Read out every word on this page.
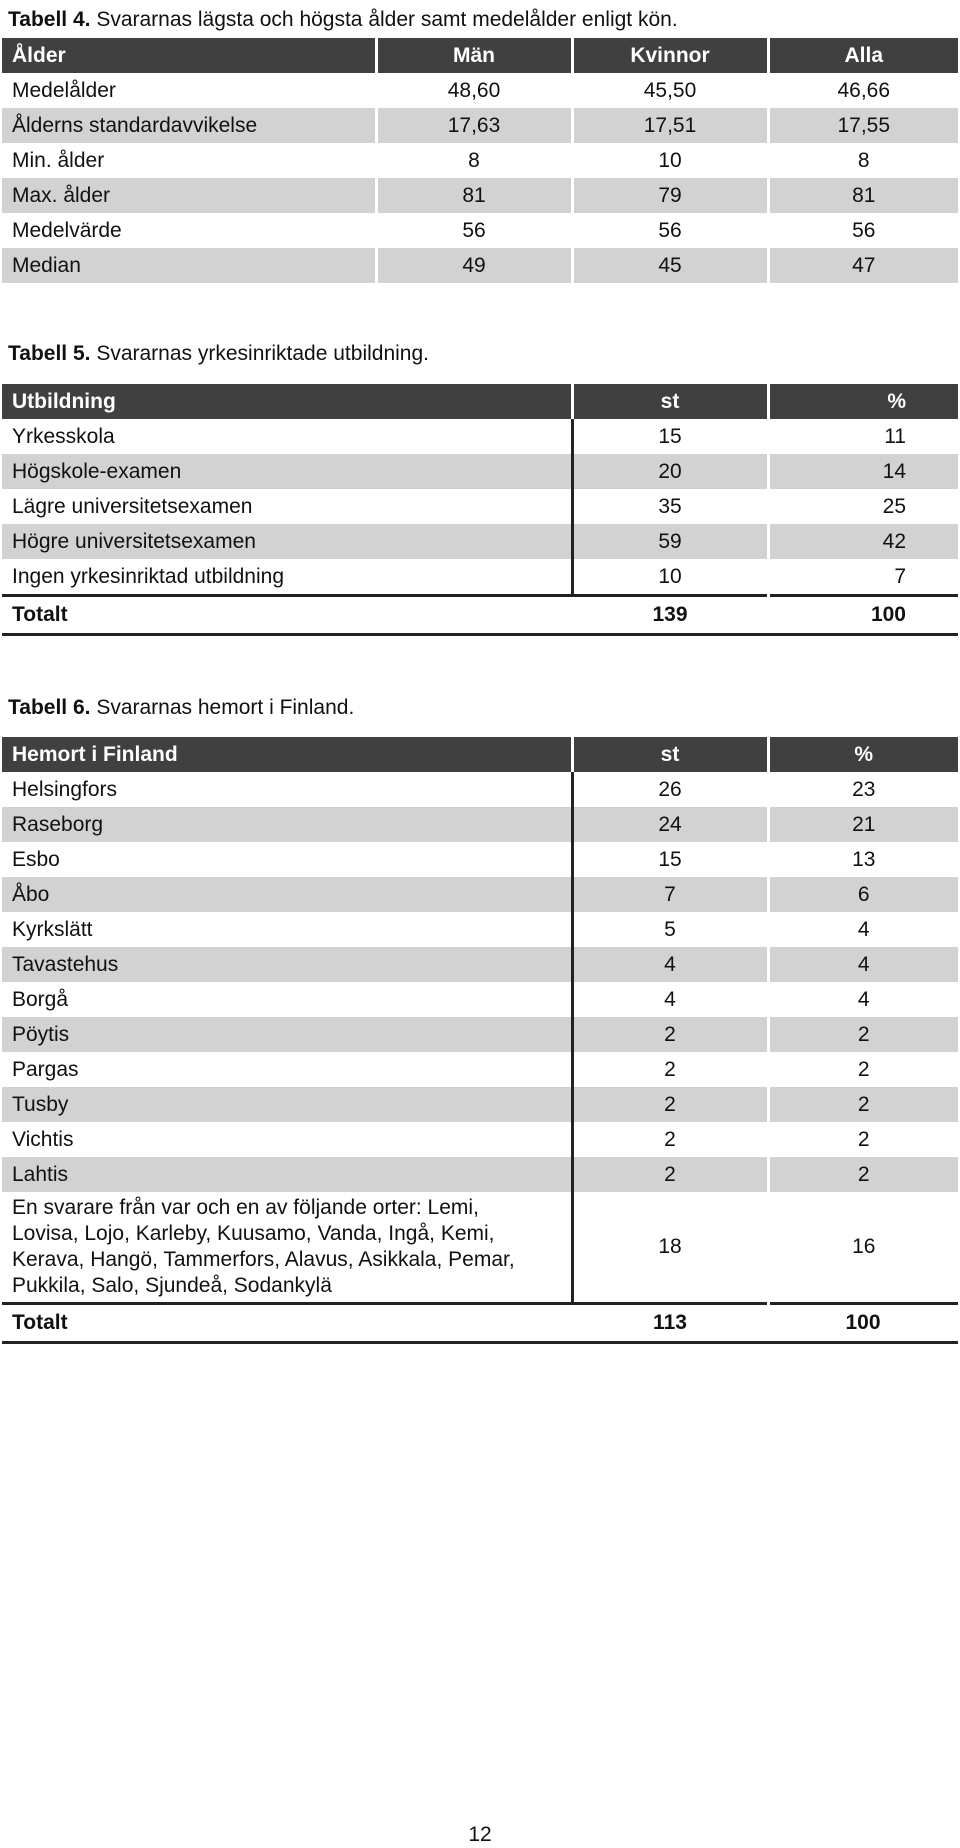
Tabell 4. Svararnas lägsta och högsta ålder samt medelålder enligt kön.
Ålder	Män	Kvinnor	Alla
Medelålder	48,60	45,50	46,66
Ålderns standardavvikelse	17,63	17,51	17,55
Min. ålder	8	10	8
Max. ålder	81	79	81
Medelvärde	56	56	56
Median	49	45	47
Tabell 5. Svararnas yrkesinriktade utbildning.
Utbildning	st	%
Yrkesskola	15	11
Högskole-examen	20	14
Lägre universitetsexamen	35	25
Högre universitetsexamen	59	42
Ingen yrkesinriktad utbildning	10	7
Totalt	139	100
Tabell 6. Svararnas hemort i Finland.
Hemort i Finland	st	%
Helsingfors	26	23
Raseborg	24	21
Esbo	15	13
Åbo	7	6
Kyrkslätt	5	4
Tavastehus	4	4
Borgå	4	4
Pöytis	2	2
Pargas	2	2
Tusby	2	2
Vichtis	2	2
Lahtis	2	2

En svarare från var och en av följande orter: Lemi,
Lovisa, Lojo, Karleby, Kuusamo, Vanda, Ingå, Kemi,
Kerava, Hangö, Tammerfors, Alavus, Asikkala, Pemar,
Pukkila, Salo, Sjundeå, Sodankylä	18	16
Totalt	113	100
12
